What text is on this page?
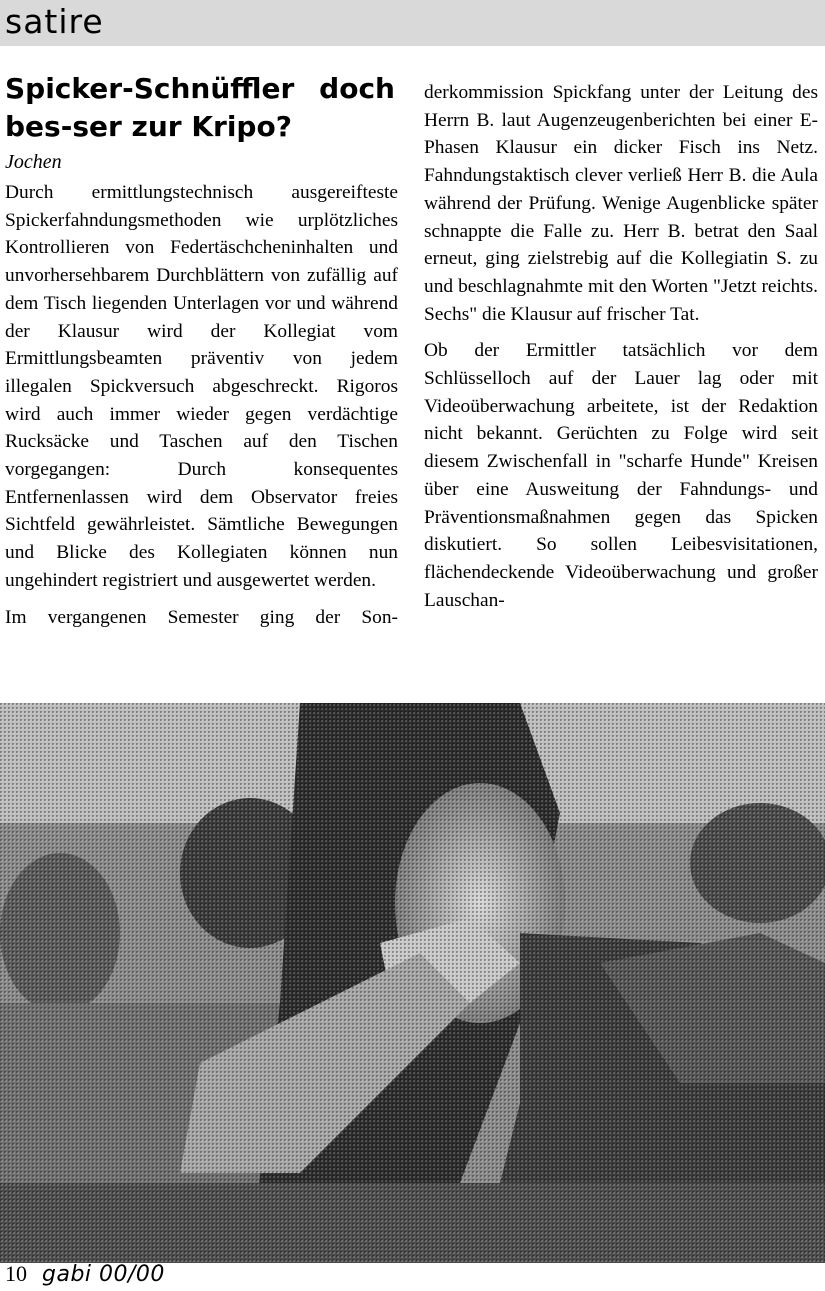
satire
Spicker-Schnüffler doch bes-ser zur Kripo?
Jochen

Durch ermittlungstechnisch ausgereifteste Spickerfahndungsmethoden wie urplötzliches Kontrollieren von Federtäschcheninhalten und unvorhersehbarem Durchblättern von zufällig auf dem Tisch liegenden Unterlagen vor und während der Klausur wird der Kollegiat vom Ermittlungsbeamten präventiv von jedem illegalen Spickversuch abgeschreckt. Rigoros wird auch immer wieder gegen verdächtige Rucksäcke und Taschen auf den Tischen vorgegangen: Durch konsequentes Entfernenlassen wird dem Observator freies Sichtfeld gewährleistet. Sämtliche Bewegungen und Blicke des Kollegiaten können nun ungehindert registriert und ausgewertet werden.

Im vergangenen Semester ging der Son-

derkommission Spickfang unter der Leitung des Herrn B. laut Augenzeugenberichten bei einer E-Phasen Klausur ein dicker Fisch ins Netz. Fahndungstaktisch clever verließ Herr B. die Aula während der Prüfung. Wenige Augenblicke später schnappte die Falle zu. Herr B. betrat den Saal erneut, ging zielstrebig auf die Kollegiatin S. zu und beschlagnahmte mit den Worten "Jetzt reichts. Sechs" die Klausur auf frischer Tat.

Ob der Ermittler tatsächlich vor dem Schlüsselloch auf der Lauer lag oder mit Videoüberwachung arbeitete, ist der Redaktion nicht bekannt. Gerüchten zu Folge wird seit diesem Zwischenfall in "scharfe Hunde" Kreisen über eine Ausweitung der Fahndungs- und Präventionsmaßnahmen gegen das Spicken diskutiert. So sollen Leibesvisitationen, flächendeckende Videoüberwachung und großer Lauschan-

10 gabi 00/00
